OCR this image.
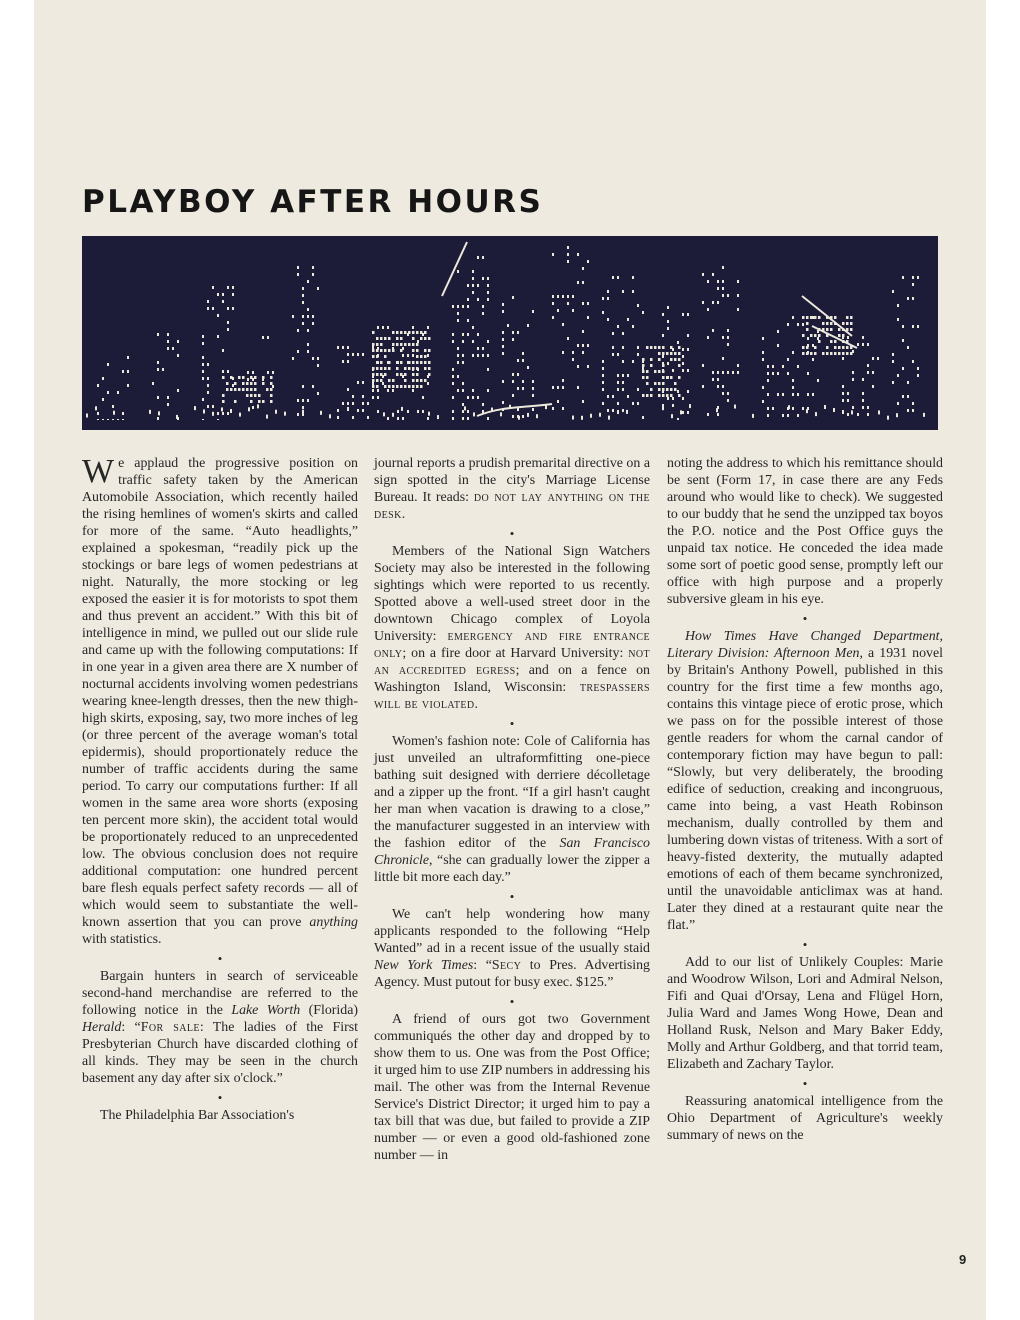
PLAYBOY AFTER HOURS

We applaud the progressive position on traffic safety taken by the American Automobile Association, which recently hailed the rising hemlines of women's skirts and called for more of the same. “Auto headlights,” explained a spokesman, “readily pick up the stockings or bare legs of women pedestrians at night. Naturally, the more stocking or leg exposed the easier it is for motorists to spot them and thus prevent an accident.” With this bit of intelligence in mind, we pulled out our slide rule and came up with the following computations: If in one year in a given area there are X number of nocturnal accidents involving women pedestrians wearing knee-length dresses, then the new thigh-high skirts, exposing, say, two more inches of leg (or three percent of the average woman's total epidermis), should proportionately reduce the number of traffic accidents during the same period. To carry our computations further: If all women in the same area wore shorts (exposing ten percent more skin), the accident total would be proportionately reduced to an unprecedented low. The obvious conclusion does not require additional computation: one hundred percent bare flesh equals perfect safety records — all of which would seem to substantiate the well-known assertion that you can prove anything with statistics.

•

Bargain hunters in search of serviceable second-hand merchandise are referred to the following notice in the Lake Worth (Florida) Herald: “For sale: The ladies of the First Presbyterian Church have discarded clothing of all kinds. They may be seen in the church basement any day after six o'clock.”

•

The Philadelphia Bar Association's

journal reports a prudish premarital directive on a sign spotted in the city's Marriage License Bureau. It reads: do not lay anything on the desk.

•

Members of the National Sign Watchers Society may also be interested in the following sightings which were reported to us recently. Spotted above a well-used street door in the downtown Chicago complex of Loyola University: emergency and fire entrance only; on a fire door at Harvard University: not an accredited egress; and on a fence on Washington Island, Wisconsin: trespassers will be violated.

•

Women's fashion note: Cole of California has just unveiled an ultraformfitting one-piece bathing suit designed with derriere décolletage and a zipper up the front. “If a girl hasn't caught her man when vacation is drawing to a close,” the manufacturer suggested in an interview with the fashion editor of the San Francisco Chronicle, “she can gradually lower the zipper a little bit more each day.”

•

We can't help wondering how many applicants responded to the following “Help Wanted” ad in a recent issue of the usually staid New York Times: “Secy to Pres. Advertising Agency. Must putout for busy exec. $125.”

•

A friend of ours got two Government communiqués the other day and dropped by to show them to us. One was from the Post Office; it urged him to use ZIP numbers in addressing his mail. The other was from the Internal Revenue Service's District Director; it urged him to pay a tax bill that was due, but failed to provide a ZIP number — or even a good old-fashioned zone number — in

noting the address to which his remittance should be sent (Form 17, in case there are any Feds around who would like to check). We suggested to our buddy that he send the unzipped tax boyos the P.O. notice and the Post Office guys the unpaid tax notice. He conceded the idea made some sort of poetic good sense, promptly left our office with high purpose and a properly subversive gleam in his eye.

•

How Times Have Changed Department, Literary Division: Afternoon Men, a 1931 novel by Britain's Anthony Powell, published in this country for the first time a few months ago, contains this vintage piece of erotic prose, which we pass on for the possible interest of those gentle readers for whom the carnal candor of contemporary fiction may have begun to pall: “Slowly, but very deliberately, the brooding edifice of seduction, creaking and incongruous, came into being, a vast Heath Robinson mechanism, dually controlled by them and lumbering down vistas of triteness. With a sort of heavy-fisted dexterity, the mutually adapted emotions of each of them became synchronized, until the unavoidable anticlimax was at hand. Later they dined at a restaurant quite near the flat.”

•

Add to our list of Unlikely Couples: Marie and Woodrow Wilson, Lori and Admiral Nelson, Fifi and Quai d'Orsay, Lena and Flügel Horn, Julia Ward and James Wong Howe, Dean and Holland Rusk, Nelson and Mary Baker Eddy, Molly and Arthur Goldberg, and that torrid team, Elizabeth and Zachary Taylor.

•

Reassuring anatomical intelligence from the Ohio Department of Agriculture's weekly summary of news on the

9
